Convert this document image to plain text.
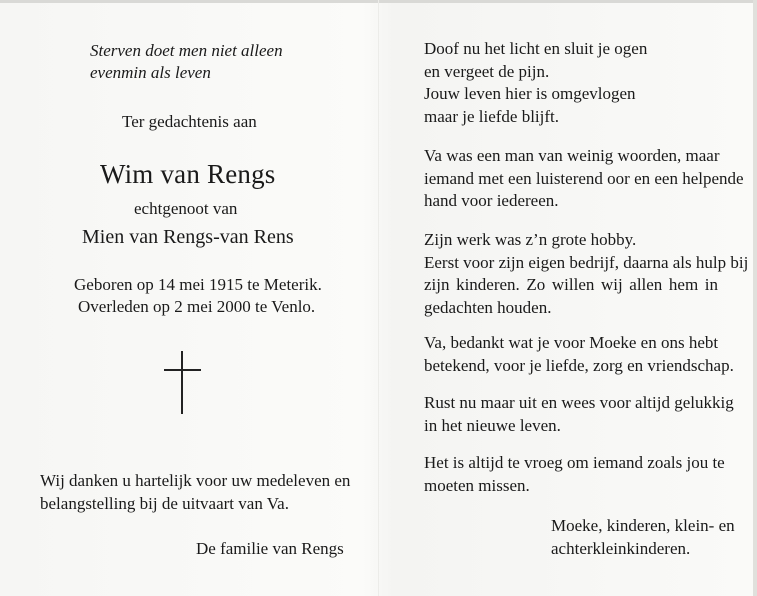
Sterven doet men niet alleen
evenmin als leven
Ter gedachtenis aan
Wim van Rengs
echtgenoot van
Mien van Rengs-van Rens
Geboren op 14 mei 1915 te Meterik.
Overleden op 2 mei 2000 te Venlo.
Wij danken u hartelijk voor uw medeleven en
belangstelling bij de uitvaart van Va.
De familie van Rengs
Doof nu het licht en sluit je ogen
en vergeet de pijn.
Jouw leven hier is omgevlogen
maar je liefde blijft.
Va was een man van weinig woorden, maar
iemand met een luisterend oor en een helpende
hand voor iedereen.
Zijn werk was z’n grote hobby.
Eerst voor zijn eigen bedrijf, daarna als hulp bij
zijn kinderen. Zo willen wij allen hem in
gedachten houden.
Va, bedankt wat je voor Moeke en ons hebt
betekend, voor je liefde, zorg en vriendschap.
Rust nu maar uit en wees voor altijd gelukkig
in het nieuwe leven.
Het is altijd te vroeg om iemand zoals jou te
moeten missen.
Moeke, kinderen, klein- en
achterkleinkinderen.
